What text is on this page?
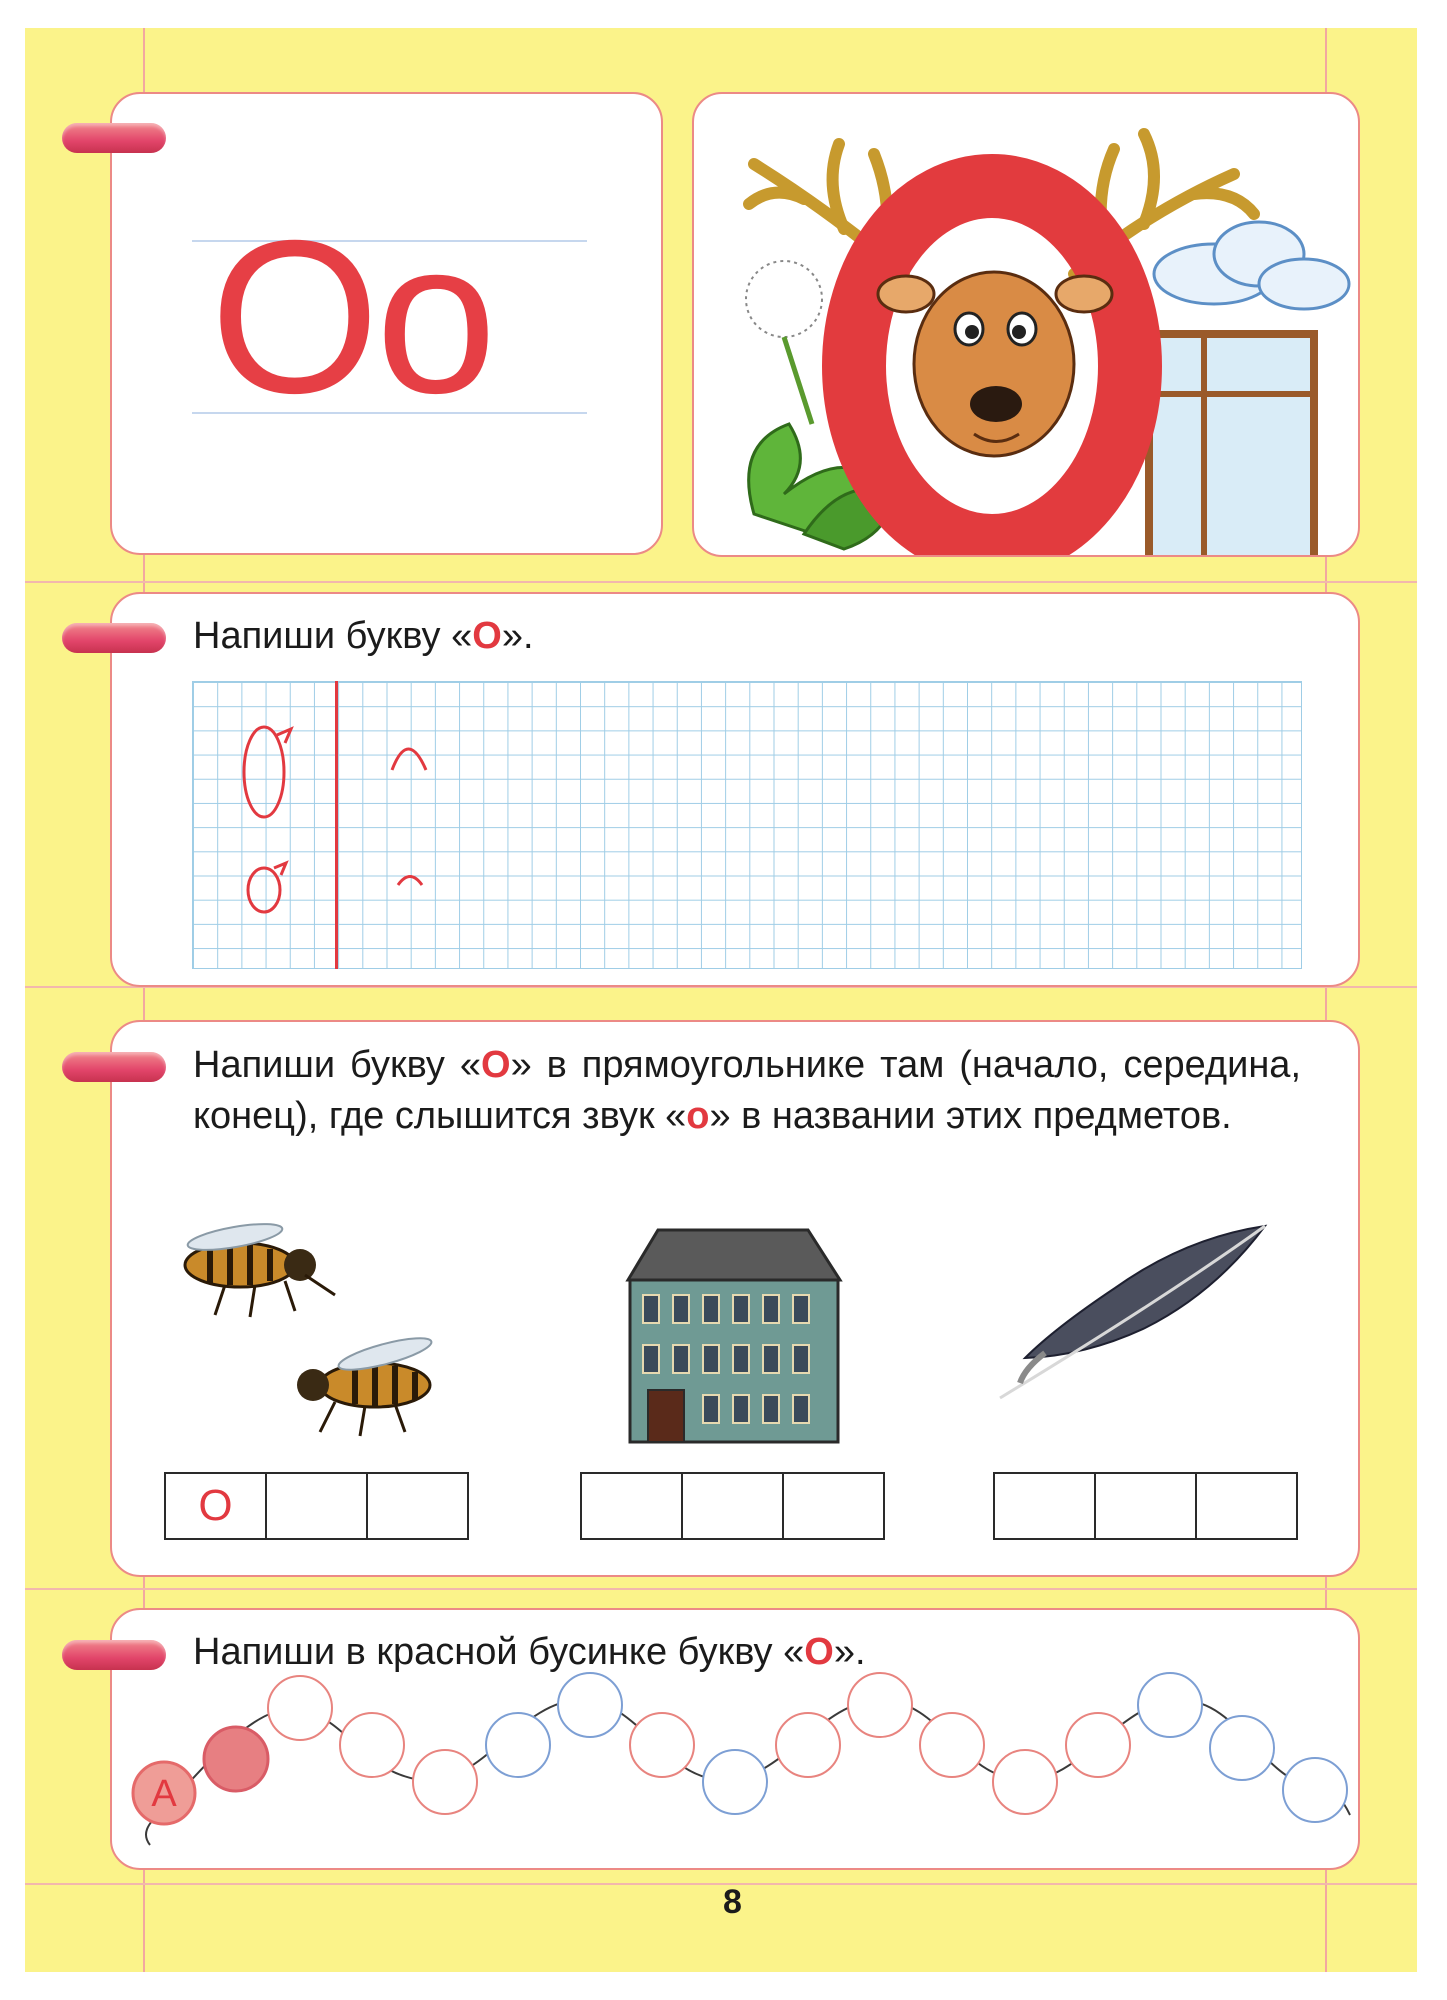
Oo

Напиши букву «О».

Напиши букву «О» в прямоугольнике там (начало, середина, конец), где слышится звук «о» в названии этих предметов.

О

Напиши в красной бусинке букву «О».

А

8
